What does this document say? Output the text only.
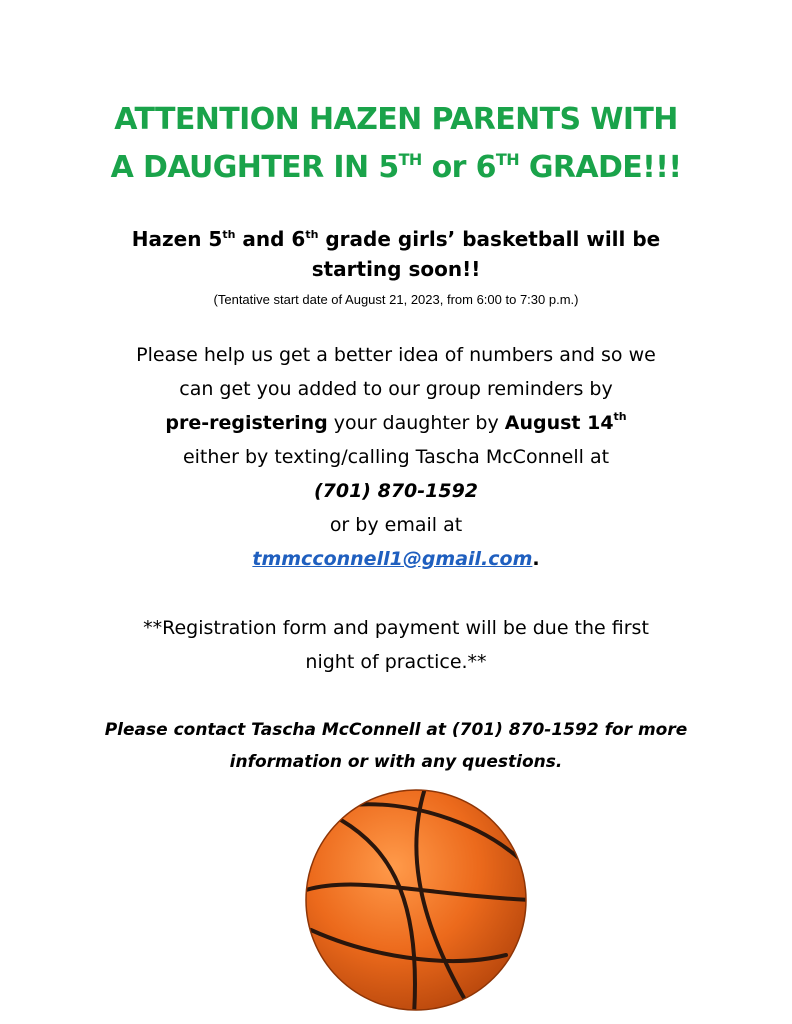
ATTENTION HAZEN PARENTS WITH
A DAUGHTER IN 5TH or 6TH GRADE!!!

Hazen 5th and 6th grade girls’ basketball will be
starting soon!!

(Tentative start date of August 21, 2023, from 6:00 to 7:30 p.m.)

Please help us get a better idea of numbers and so we
can get you added to our group reminders by
pre-registering your daughter by August 14th
either by texting/calling Tascha McConnell at
(701) 870-1592
or by email at
tmmcconnell1@gmail.com.

**Registration form and payment will be due the first
night of practice.**

Please contact Tascha McConnell at (701) 870-1592 for more
information or with any questions.
